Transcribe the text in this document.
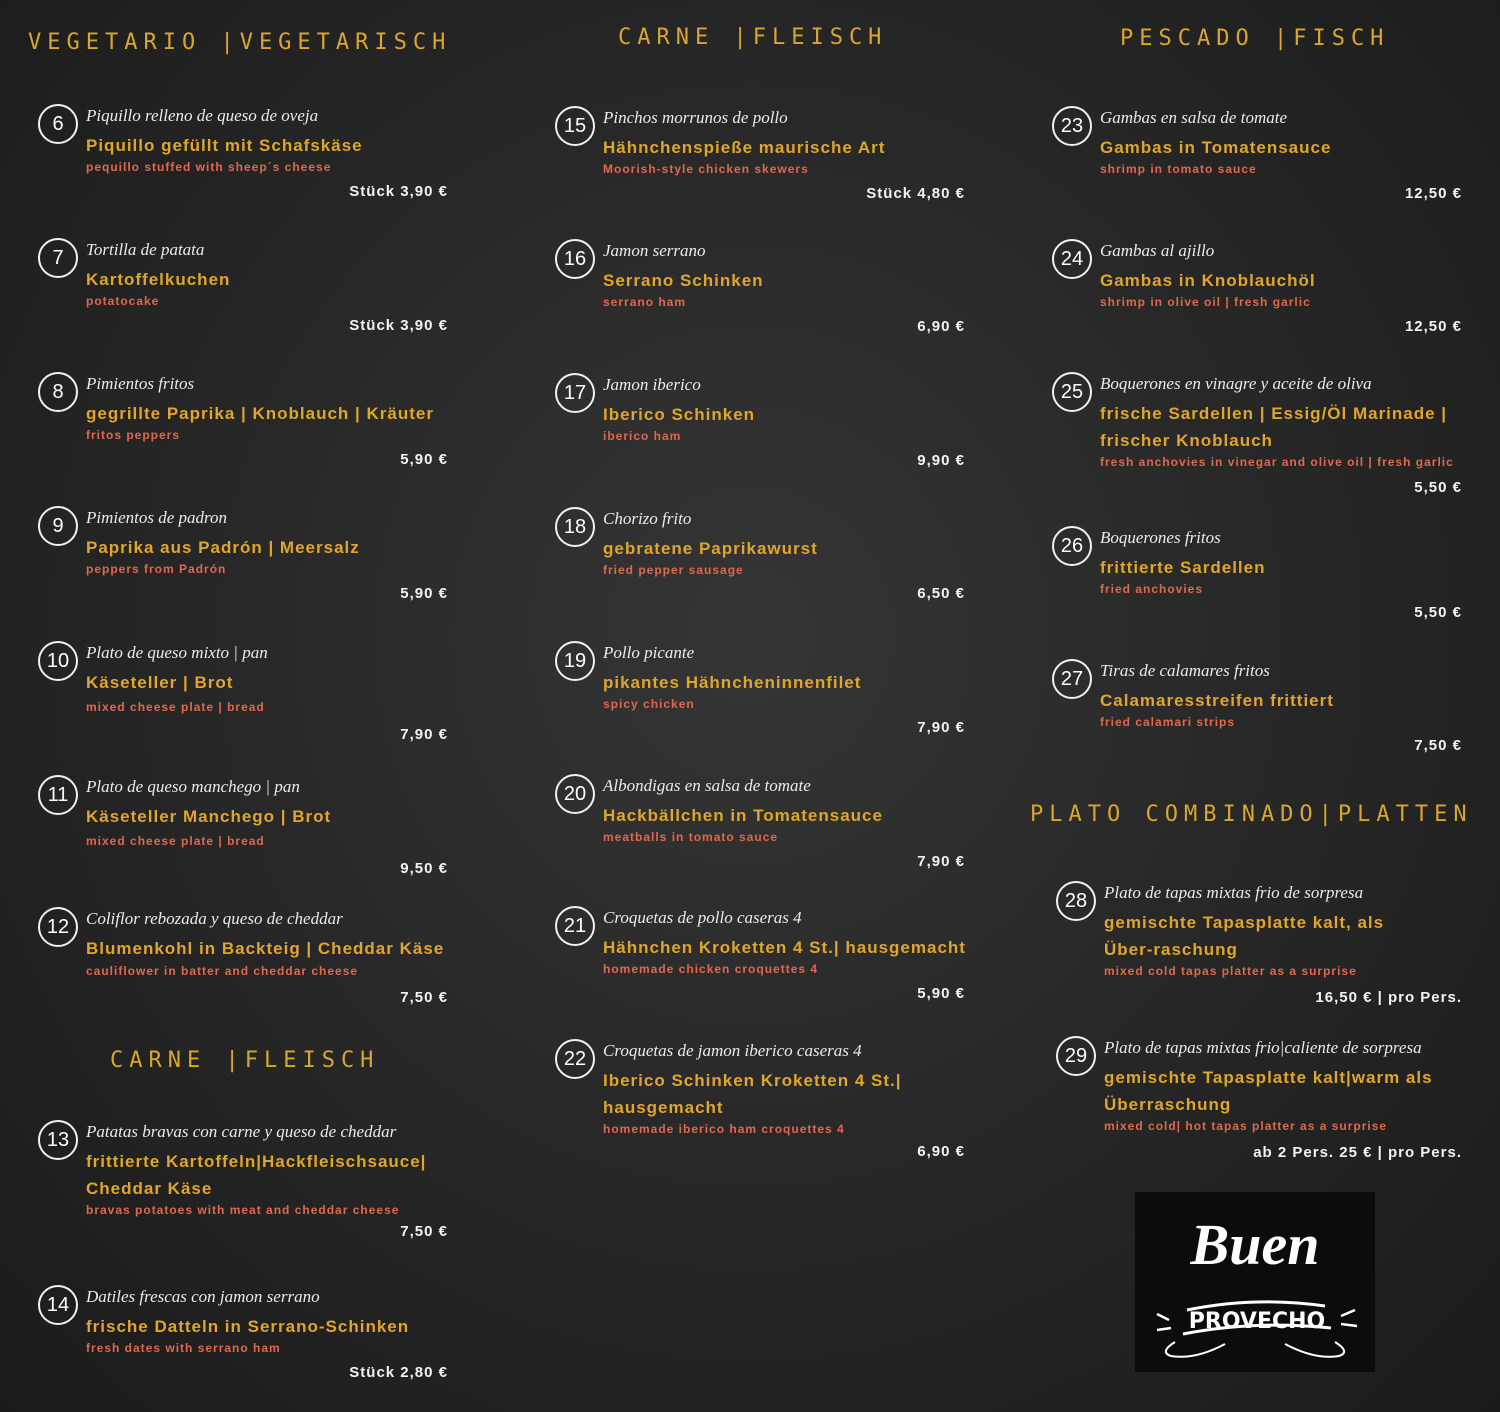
VEGETARIO |VEGETARISCH	CARNE |FLEISCH	PESCADO |FISCH
CARNE |FLEISCH
PLATO COMBINADO|PLATTEN
6	Piquillo relleno de queso de oveja

Piquillo gefüllt mit Schafskäse

pequillo stuffed with sheep´s cheese

Stück 3,90 €

7	Tortilla de patata

Kartoffelkuchen

potatocake

Stück 3,90 €

8	Pimientos fritos

gegrillte Paprika | Knoblauch | Kräuter

fritos peppers

5,90 €

9	Pimientos de padron

Paprika aus Padrón | Meersalz

peppers from Padrón

5,90 €

10 Plato de queso mixto | pan

Käseteller | Brot

mixed cheese plate | bread

7,90 €

11	Plato de queso manchego | pan

Käseteller Manchego | Brot

mixed cheese plate | bread

9,50 €

12 Coliflor rebozada y queso de cheddar

Blumenkohl in Backteig | Cheddar Käse

cauliflower in batter and cheddar cheese

7,50 €

13 Patatas bravas con carne y queso de cheddar

frittierte Kartoffeln|Hackfleischsauce| Cheddar Käse

bravas potatoes with meat and cheddar cheese

7,50 €

14 Datiles frescas con jamon serrano

frische Datteln in Serrano-Schinken

fresh dates with serrano ham

Stück 2,80 €

15 Pinchos morrunos de pollo

Hähnchenspieße maurische Art

Moorish-style chicken skewers

Stück 4,80 €

16 Jamon serrano

Serrano Schinken

serrano ham

6,90 €

17 Jamon iberico

Iberico Schinken

iberico ham

9,90 €

18 Chorizo frito

gebratene Paprikawurst

fried pepper sausage

6,50 €

19 Pollo picante

pikantes Hähncheninnenfilet

spicy chicken

7,90 €

20 Albondigas en salsa de tomate

Hackbällchen in Tomatensauce

meatballs in tomato sauce

7,90 €

21 Croquetas de pollo caseras 4

Hähnchen Kroketten 4 St.| hausgemacht

homemade chicken croquettes 4

5,90 €

22 Croquetas de jamon iberico caseras 4

Iberico Schinken Kroketten 4 St.| hausgemacht

homemade iberico ham croquettes 4

6,90 €

23 Gambas en salsa de tomate

Gambas in Tomatensauce

shrimp in tomato sauce

12,50 €

24 Gambas al ajillo

Gambas in Knoblauchöl

shrimp in olive oil | fresh garlic

12,50 €

25 Boquerones en vinagre y aceite de oliva

frische Sardellen | Essig/Öl Marinade | frischer Knoblauch

fresh anchovies in vinegar and olive oil | fresh garlic

5,50 €

26 Boquerones fritos

frittierte Sardellen

fried anchovies

5,50 €

27 Tiras de calamares fritos

Calamaresstreifen frittiert

fried calamari strips

7,50 €

28 Plato de tapas mixtas frio de sorpresa

gemischte Tapasplatte kalt, als Über-raschung

mixed cold tapas platter as a surprise

16,50 € | pro Pers.

29 Plato de tapas mixtas frio|caliente de sorpresa

gemischte Tapasplatte kalt|warm als Überraschung

mixed cold| hot tapas platter as a surprise

ab 2 Pers. 25 € | pro Pers.

Buen
PROVECHO
